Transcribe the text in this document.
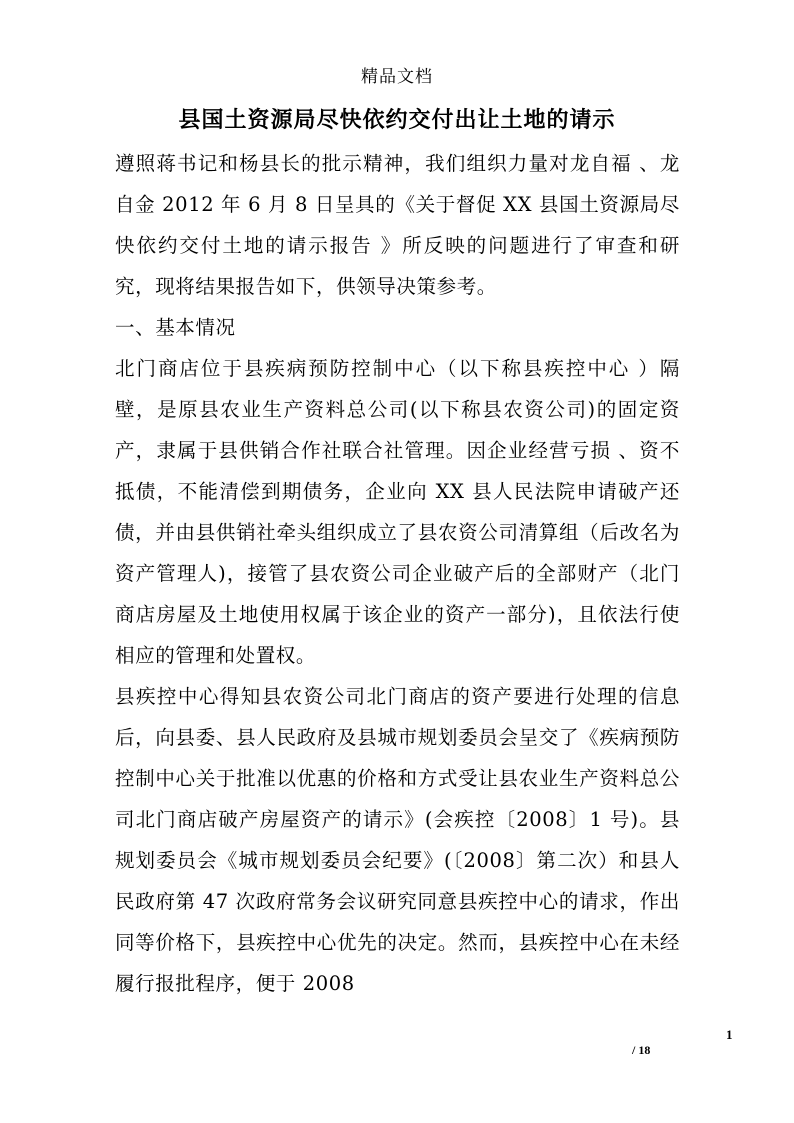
精品文档
县国土资源局尽快依约交付出让土地的请示

遵照蒋书记和杨县长的批示精神，我们组织力量对龙自福 、龙自金 2012 年 6 月 8 日呈具的《关于督促 XX 县国土资源局尽快依约交付土地的请示报告 》所反映的问题进行了审查和研究，现将结果报告如下，供领导决策参考。

一、基本情况

北门商店位于县疾病预防控制中心（以下称县疾控中心 ）隔壁，是原县农业生产资料总公司(以下称县农资公司)的固定资产，隶属于县供销合作社联合社管理。因企业经营亏损 、资不抵债，不能清偿到期债务，企业向 XX 县人民法院申请破产还债，并由县供销社牵头组织成立了县农资公司清算组（后改名为资产管理人)，接管了县农资公司企业破产后的全部财产（北门商店房屋及土地使用权属于该企业的资产一部分)，且依法行使相应的管理和处置权。

县疾控中心得知县农资公司北门商店的资产要进行处理的信息后，向县委、县人民政府及县城市规划委员会呈交了《疾病预防控制中心关于批准以优惠的价格和方式受让县农业生产资料总公司北门商店破产房屋资产的请示》(会疾控〔2008〕1 号)。县规划委员会《城市规划委员会纪要》(〔2008〕第二次）和县人民政府第 47 次政府常务会议研究同意县疾控中心的请求，作出同等价格下，县疾控中心优先的决定。然而，县疾控中心在未经履行报批程序，便于 2008

1
/ 18
